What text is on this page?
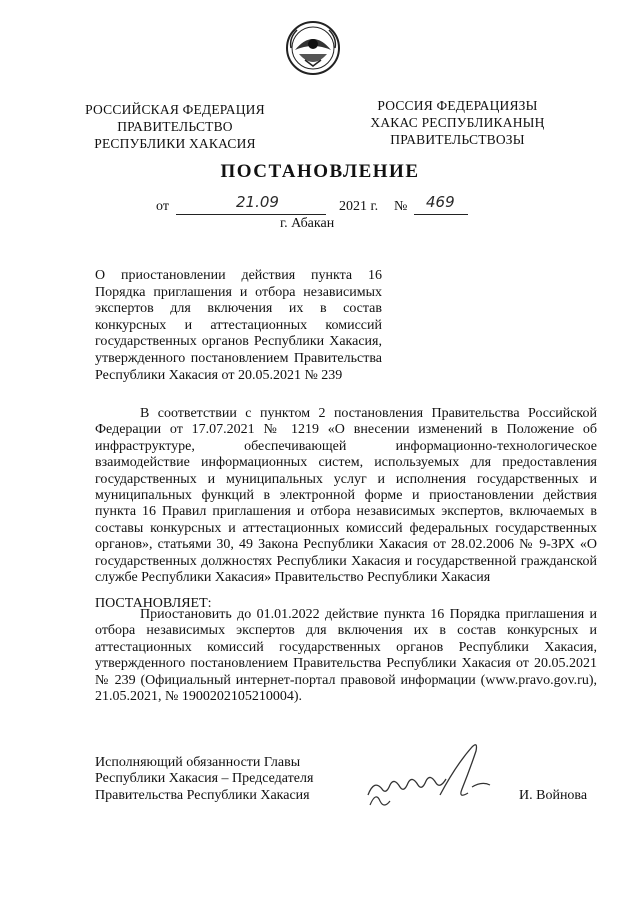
РОССИЙСКАЯ ФЕДЕРАЦИЯ
ПРАВИТЕЛЬСТВО
РЕСПУБЛИКИ ХАКАСИЯ
РОССИЯ ФЕДЕРАЦИЯЗЫ
ХАКАС РЕСПУБЛИКАНЫҢ
ПРАВИТЕЛЬСТВОЗЫ
ПОСТАНОВЛЕНИЕ
от	21.09	2021 г. № 469
г. Абакан
О приостановлении действия пункта 16 Порядка приглашения и отбора независимых экспертов для включения их в состав конкурсных и аттестационных комиссий государственных органов Республики Хакасия, утвержденного постановлением Правительства Республики Хакасия от 20.05.2021 № 239
В соответствии с пунктом 2 постановления Правительства Российской Федерации от 17.07.2021 № 1219 «О внесении изменений в Положение об инфраструктуре, обеспечивающей информационно-технологическое взаимодействие информационных систем, используемых для предоставления государственных и муниципальных услуг и исполнения государственных и муниципальных функций в электронной форме и приостановлении действия пункта 16 Правил приглашения и отбора независимых экспертов, включаемых в составы конкурсных и аттестационных комиссий федеральных государственных органов», статьями 30, 49 Закона Республики Хакасия от 28.02.2006 № 9-ЗРХ «О государственных должностях Республики Хакасия и государственной гражданской службе Республики Хакасия» Правительство Республики Хакасия
ПОСТАНОВЛЯЕТ:
Приостановить до 01.01.2022 действие пункта 16 Порядка приглашения и отбора независимых экспертов для включения их в состав конкурсных и аттестационных комиссий государственных органов Республики Хакасия, утвержденного постановлением Правительства Республики Хакасия от 20.05.2021 № 239 (Официальный интернет-портал правовой информации (www.pravo.gov.ru), 21.05.2021, № 1900202105210004).
Исполняющий обязанности Главы
Республики Хакасия – Председателя
Правительства Республики Хакасия	И. Войнова
